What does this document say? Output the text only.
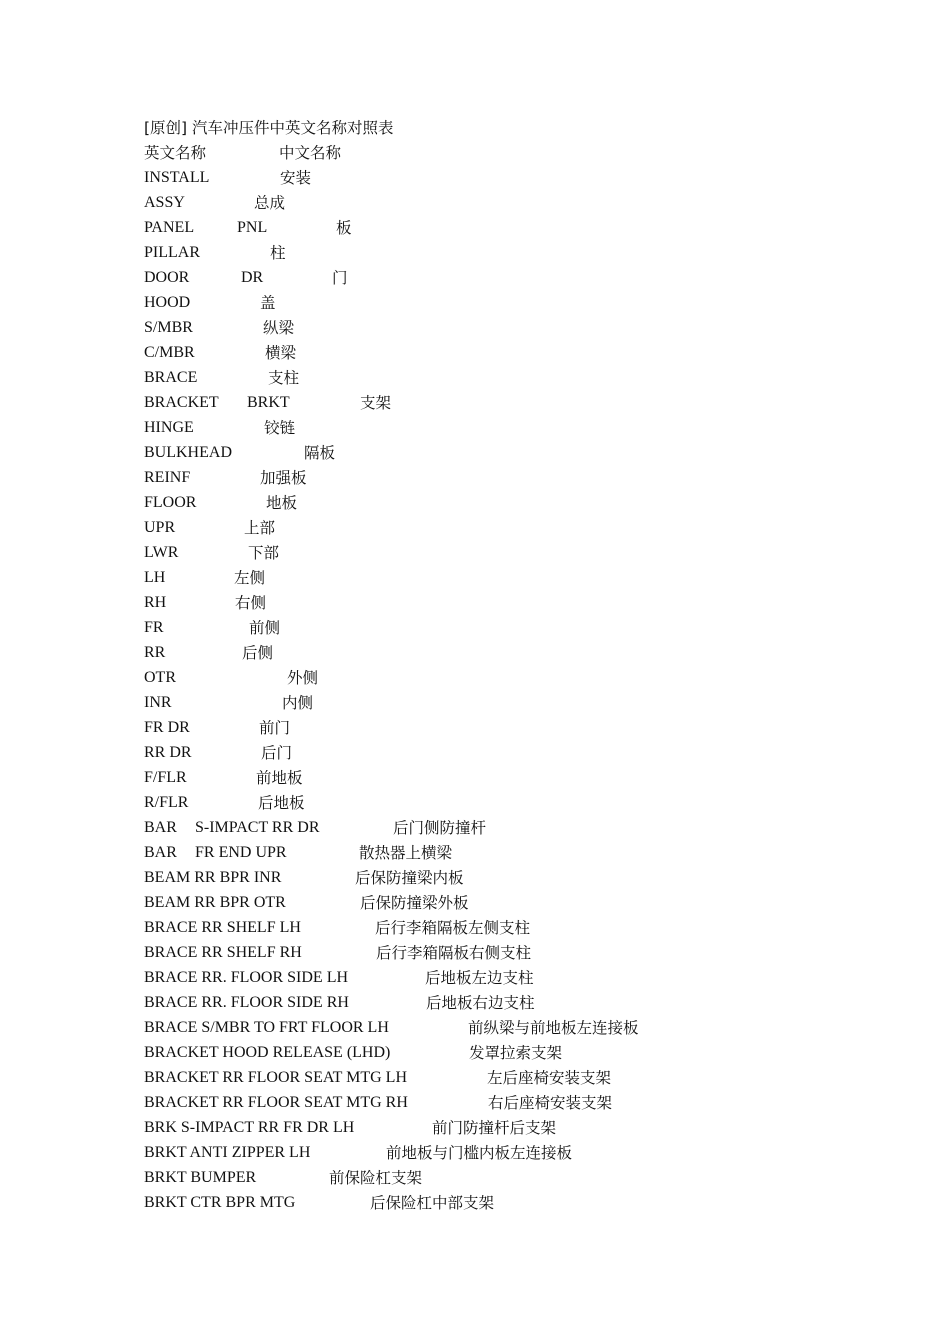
[原创] 汽车冲压件中英文名称对照表
英文名称	中文名称
INSTALL	安装
ASSY	总成
PANEL	PNL	板
PILLAR	柱
DOOR	DR	门
HOOD	盖
S/MBR	纵梁
C/MBR	横梁
BRACE	支柱
BRACKET BRKT	支架
HINGE	铰链
BULKHEAD	隔板
REINF	加强板
FLOOR	地板
UPR	上部
LWR	下部
LH	左侧
RH	右侧
FR	前侧
RR	后侧
OTR	外侧
INR	内侧
FR DR	前门
RR DR	后门
F/FLR	前地板
R/FLR	后地板
BAR S-IMPACT RR DR	后门侧防撞杆
BAR FR END UPR	散热器上横梁
BEAM RR BPR INR	后保防撞梁内板
BEAM RR BPR OTR	后保防撞梁外板
BRACE RR SHELF LH	后行李箱隔板左侧支柱
BRACE RR SHELF RH	后行李箱隔板右侧支柱
BRACE RR. FLOOR SIDE LH	后地板左边支柱
BRACE RR. FLOOR SIDE RH	后地板右边支柱
BRACE S/MBR TO FRT FLOOR LH	前纵梁与前地板左连接板
BRACKET HOOD RELEASE (LHD)	发罩拉索支架
BRACKET RR FLOOR SEAT MTG LH	左后座椅安装支架
BRACKET RR FLOOR SEAT MTG RH	右后座椅安装支架
BRK S-IMPACT RR FR DR LH	前门防撞杆后支架
BRKT ANTI ZIPPER LH	前地板与门槛内板左连接板
BRKT BUMPER	前保险杠支架
BRKT CTR BPR MTG	后保险杠中部支架
